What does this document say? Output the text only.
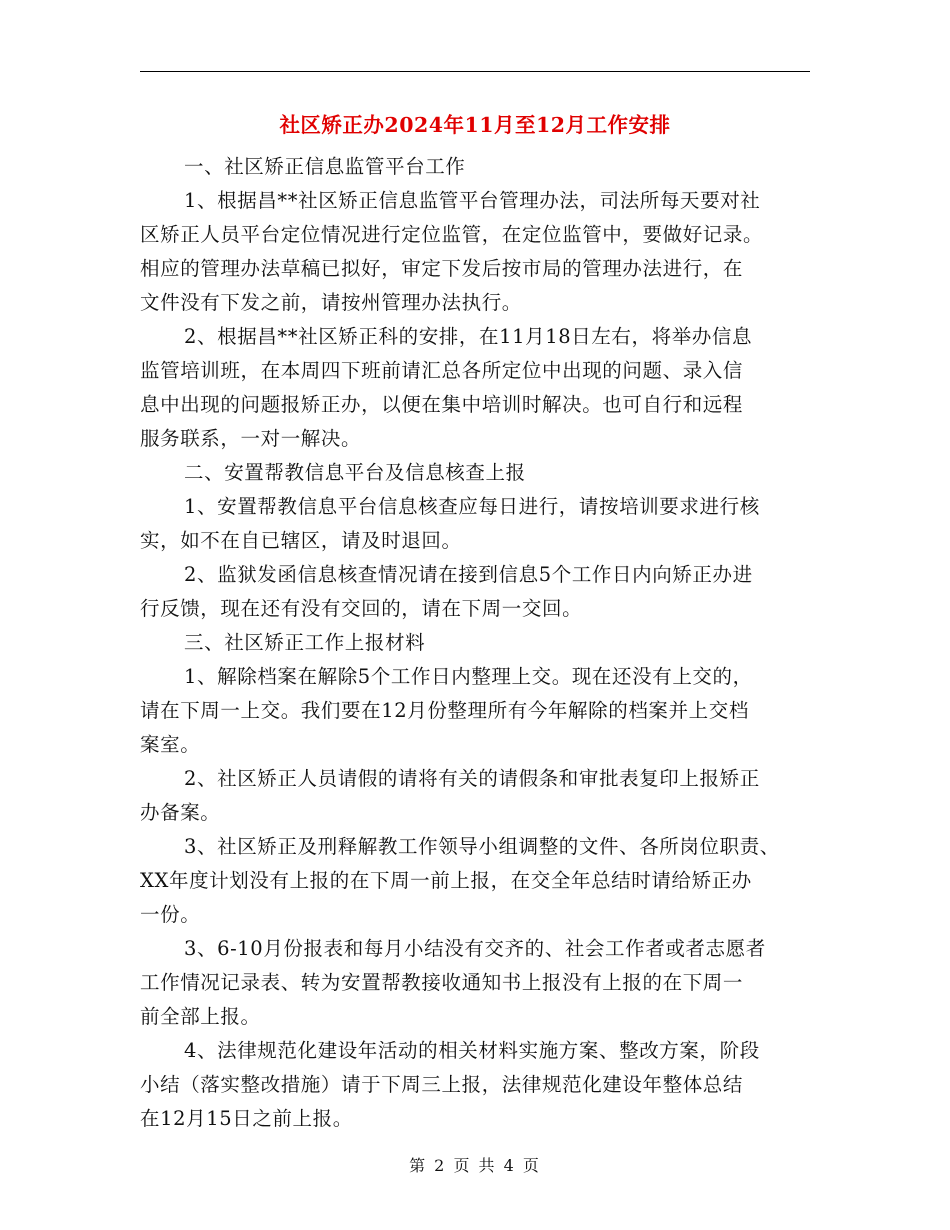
社区矫正办2024年11月至12月工作安排
一、社区矫正信息监管平台工作
1、根据昌**社区矫正信息监管平台管理办法，司法所每天要对社
区矫正人员平台定位情况进行定位监管，在定位监管中，要做好记录。
相应的管理办法草稿已拟好，审定下发后按市局的管理办法进行，在
文件没有下发之前，请按州管理办法执行。
2、根据昌**社区矫正科的安排，在11月18日左右，将举办信息
监管培训班，在本周四下班前请汇总各所定位中出现的问题、录入信
息中出现的问题报矫正办，以便在集中培训时解决。也可自行和远程
服务联系，一对一解决。
二、安置帮教信息平台及信息核查上报
1、安置帮教信息平台信息核查应每日进行，请按培训要求进行核
实，如不在自已辖区，请及时退回。
2、监狱发函信息核查情况请在接到信息5个工作日内向矫正办进
行反馈，现在还有没有交回的，请在下周一交回。
三、社区矫正工作上报材料
1、解除档案在解除5个工作日内整理上交。现在还没有上交的，
请在下周一上交。我们要在12月份整理所有今年解除的档案并上交档
案室。
2、社区矫正人员请假的请将有关的请假条和审批表复印上报矫正
办备案。
3、社区矫正及刑释解教工作领导小组调整的文件、各所岗位职责、
XX年度计划没有上报的在下周一前上报，在交全年总结时请给矫正办
一份。
3、6-10月份报表和每月小结没有交齐的、社会工作者或者志愿者
工作情况记录表、转为安置帮教接收通知书上报没有上报的在下周一
前全部上报。
4、法律规范化建设年活动的相关材料实施方案、整改方案，阶段
小结（落实整改措施）请于下周三上报，法律规范化建设年整体总结
在12月15日之前上报。
第 2 页 共 4 页
